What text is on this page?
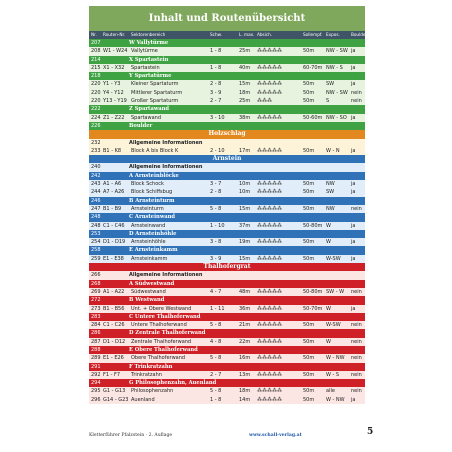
Inhalt und Routenübersicht
Nr. Routen-Nr. Sektorenbereich	Schw.	L. max. Absich.	Sollempf. Expos.	Boulder
207	W Vallytürme
208 W1 - W24 Vallytürme	1 - 8	25m ⁂⁂⁂⁂⁂	50m NW - SW ja
214	X Spartastein
215 X1 - X32 Spartastein	1 - 8	40m ⁂⁂⁂⁂⁂	60-70m NW - S ja
218	Y Spartatürme
220 Y1 - Y3 Kleiner Spartaturm	2 - 8	15m ⁂⁂⁂⁂⁂	50m SW	ja
220 Y4 - Y12 Mittlerer Spartaturm	3 - 9	18m ⁂⁂⁂⁂⁂	50m NW - SW nein
220 Y13 - Y19 Großer Spartaturm	2 - 7	25m ⁂⁂⁂	50m S	nein
222	Z Spartawand
224 Z1 - Z22 Spartawand	3 - 10	38m ⁂⁂⁂⁂⁂	50-60m NW - SO ja
226	Boulder
Holzschlag
232	Allgemeine Informationen
233 B1 - K8 Block A bis Block K	2 - 10	17m ⁂⁂⁂⁂⁂	50m W - N ja
Arnstein
240	Allgemeine Informationen
242	A Arnsteinblöcke
243 A1 - A6 Block Schock	3 - 7	10m ⁂⁂⁂⁂⁂	50m NW	ja
244 A7 - A26 Block Schiffsbug	2 - 8	10m ⁂⁂⁂⁂⁂	50m SW	ja
246	B Arnsteinturm
247 B1 - B9 Arnsteinturm	5 - 8	15m ⁂⁂⁂⁂⁂	50m NW	nein
248	C Arnsteinwand
248 C1 - C46 Arnsteinwand	1 - 10	37m ⁂⁂⁂⁂⁂	50-80m W	ja
253	D Arnsteinhöhle
254 D1 - D19 Arnsteinhöhle	3 - 8	19m ⁂⁂⁂⁂⁂	50m W	ja
258	E Arnsteinkamm
259 E1 - E38 Arnsteinkamm	3 - 9	15m ⁂⁂⁂⁂⁂	50m W-SW ja
Thalhofergrat
266	Allgemeine Informationen
268	A Südwestwand
269 A1 - A22 Südwestwand	4 - 7	48m ⁂⁂⁂⁂⁂	50-80m SW - W nein
272	B Westwand
273 B1 - B56 Unt. + Obere Westwand	1 - 11	36m ⁂⁂⁂⁂⁂	50-70m W	ja
283	C Untere Thalhoferwand
284 C1 - C26 Untere Thalhoferwand	5 - 8	21m ⁂⁂⁂⁂⁂	50m W-SW nein
286	D Zentrale Thalhoferwand
287 D1 - D12 Zentrale Thalhoferwand	4 - 8	22m ⁂⁂⁂⁂⁂	50m W	nein
288	E Obere Thalhoferwand
289 E1 - E26 Obere Thalhoferwand	5 - 8	16m ⁂⁂⁂⁂⁂	50m W - NW nein
291	F Trinkratzahn
292 F1 - F7 Trinkratzahn	2 - 7	13m ⁂⁂⁂⁂⁂	50m W - S nein
294	G Philosophenzahn, Auenland
295 G1 - G13 Philosophenzahn	5 - 8	18m ⁂⁂⁂⁂⁂	50m alle	nein
296 G14 - G23 Auenland	1 - 8	14m ⁂⁂⁂⁂⁂	50m W - NW ja
Kletterführer Pfalzstein · 2. Auflage	www.schall-verlag.at	5
